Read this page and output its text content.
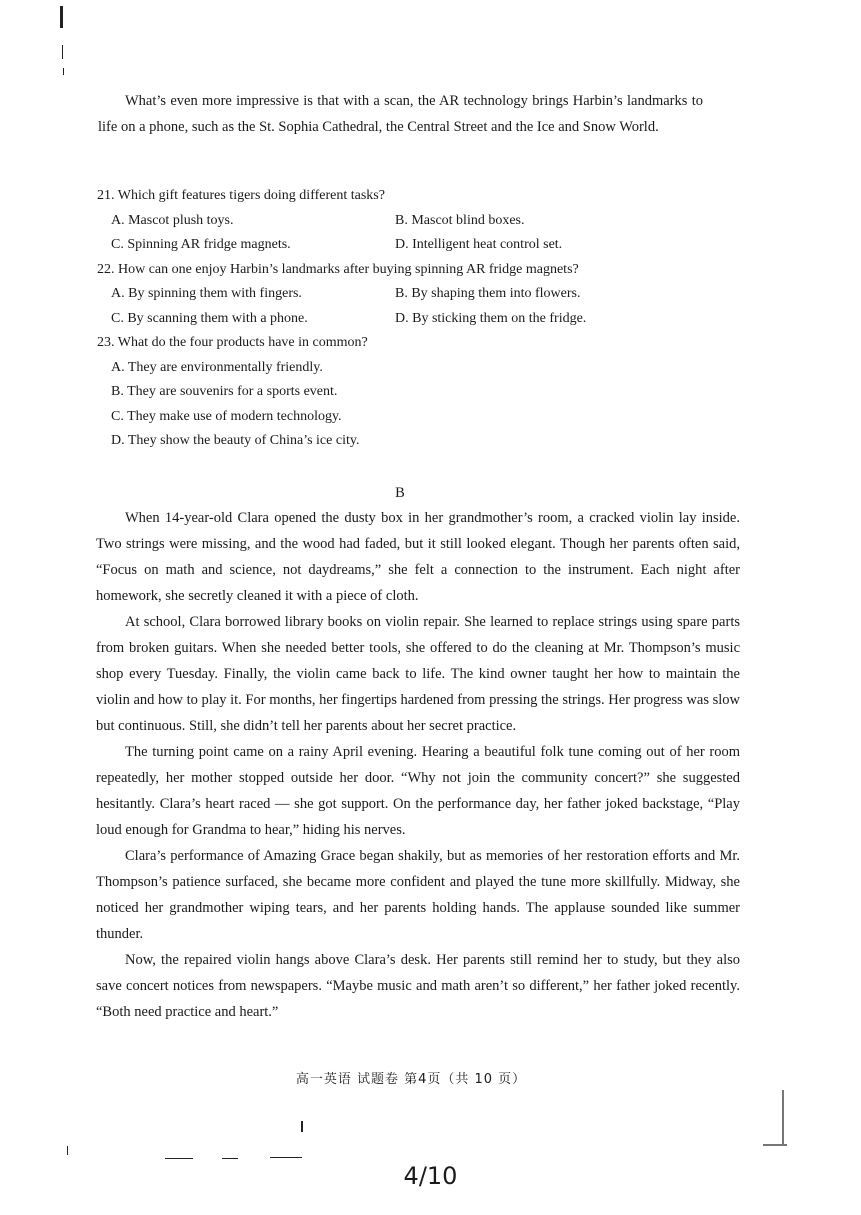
What’s even more impressive is that with a scan, the AR technology brings Harbin’s landmarks to life on a phone, such as the St. Sophia Cathedral, the Central Street and the Ice and Snow World.

21. Which gift features tigers doing different tasks?
A. Mascot plush toys.	B. Mascot blind boxes.
C. Spinning AR fridge magnets.	D. Intelligent heat control set.
22. How can one enjoy Harbin’s landmarks after buying spinning AR fridge magnets?
A. By spinning them with fingers.	B. By shaping them into flowers.
C. By scanning them with a phone.	D. By sticking them on the fridge.
23. What do the four products have in common?
A. They are environmentally friendly.
B. They are souvenirs for a sports event.
C. They make use of modern technology.
D. They show the beauty of China’s ice city.
B

When 14-year-old Clara opened the dusty box in her grandmother’s room, a cracked violin lay inside. Two strings were missing, and the wood had faded, but it still looked elegant. Though her parents often said, “Focus on math and science, not daydreams,” she felt a connection to the instrument. Each night after homework, she secretly cleaned it with a piece of cloth.

At school, Clara borrowed library books on violin repair. She learned to replace strings using spare parts from broken guitars. When she needed better tools, she offered to do the cleaning at Mr. Thompson’s music shop every Tuesday. Finally, the violin came back to life. The kind owner taught her how to maintain the violin and how to play it. For months, her fingertips hardened from pressing the strings. Her progress was slow but continuous. Still, she didn’t tell her parents about her secret practice.

The turning point came on a rainy April evening. Hearing a beautiful folk tune coming out of her room repeatedly, her mother stopped outside her door. “Why not join the community concert?” she suggested hesitantly. Clara’s heart raced — she got support. On the performance day, her father joked backstage, “Play loud enough for Grandma to hear,” hiding his nerves.

Clara’s performance of Amazing Grace began shakily, but as memories of her restoration efforts and Mr. Thompson’s patience surfaced, she became more confident and played the tune more skillfully. Midway, she noticed her grandmother wiping tears, and her parents holding hands. The applause sounded like summer thunder.

Now, the repaired violin hangs above Clara’s desk. Her parents still remind her to study, but they also save concert notices from newspapers. “Maybe music and math aren’t so different,” her father joked recently. “Both need practice and heart.”

高一英语 试题卷 第4页（共 10 页）
4/10
